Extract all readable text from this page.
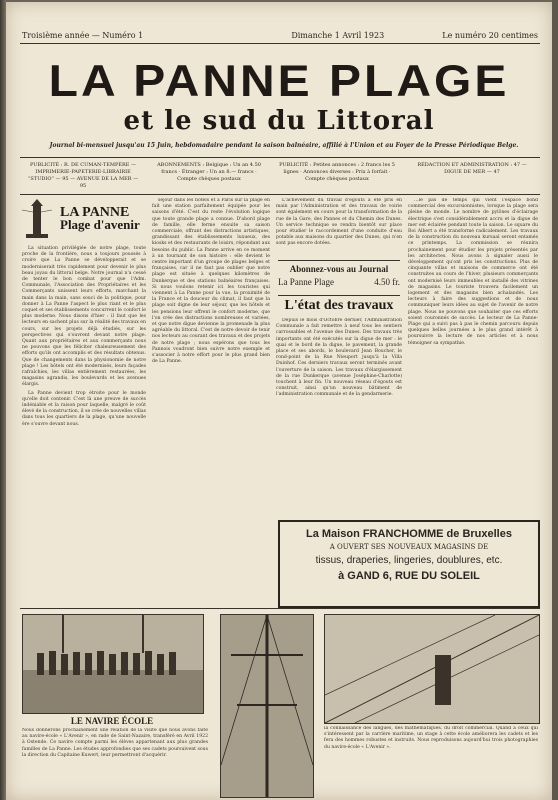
Troisième année — Numéro 1	Dimanche 1 Avril 1923	Le numéro 20 centimes
LA PANNE PLAGE
et le sud du Littoral
Journal bi-mensuel jusqu'au 15 Juin, hebdomadaire pendant la saison balnéaire, affilié à l'Union et au Foyer de la Presse Périodique Belge.
PUBLICITÉ : R. DE CUMAN-TEMPÈRE — IMPRIMERIE-PAPETERIE-LIBRAIRIE “STUDIO” — 95 — AVENUE DE LA MER — 95
ABONNEMENTS : Belgique : Un an 4.50 francs · Étranger : Un an 8.— francs · Compte chèques postaux
PUBLICITÉ : Petites annonces : 2 francs les 5 lignes · Annonces diverses : Prix à forfait · Compte chèques postaux
RÉDACTION ET ADMINISTRATION : 47 — DIGUE DE MER — 47
LA PANNE
Plage d'avenir

La situation privilégiée de notre plage, toute proche de la frontière, nous a toujours poussés à croire que La Panne se développerait et se moderniserait très rapidement pour devenir le plus beau joyau du littoral belge. Notre journal n'a cessé de tenter le bon combat pour que l'Adm. Communale, l'Association des Propriétaires et les Commerçants unissent leurs efforts, marchant la main dans la main, sans souci de la politique, pour donner à La Panne l'aspect le plus riant et le plus coquet et ses établissements concurrent le confort le plus moderne. Nous disons d'hier : il faut que les lecteurs en sachent plus sur la réalité des travaux en cours, sur les projets déjà étudiés, sur les perspectives qui s'ouvrent devant notre plage. Quant aux propriétaires et aux commerçants nous ne pouvons que les féliciter chaleureusement des efforts qu'ils ont accomplis et des résultats obtenus. Que de changements dans la physionomie de notre plage ! Les hôtels ont été modernisés, leurs façades rafraîchies, les villas entièrement restaurées, les magasins agrandis, les boulevards et les avenues élargis.

La Panne devient trop étroite pour le monde qu'elle doit contenir. C'est là une preuve de succès indéniable et la raison pour laquelle, malgré le coût élevé de la construction, il se crée de nouvelles villas dans tous les quartiers de la plage, qu'une nouvelle ère s'ouvre devant nous.

séjour dans les hôtels et à Paris sur la plage en fait une station parfaitement équipée pour les saisons d'été. C'est du reste l'évolution logique que toute grande plage a connue. D'abord plage de famille, elle ferme ensuite sa saison commerciale, offrant des distractions artistiques, grandissant des établissements luxueux, des kiosks et des restaurants de loisirs, répondant aux besoins du public. La Panne arrive en ce moment à un tournant de son histoire : elle devient le centre important d'un groupe de plages belges et françaises, car il ne faut pas oublier que notre plage est située à quelques kilomètres de Dunkerque et des stations balnéaires françaises. Si nous voulons retenir ici les touristes qui viennent à La Panne pour la vue, la proximité de la France et la douceur du climat, il faut que la plage soit digne de leur séjour, que les hôtels et les pensions leur offrent le confort moderne, que l'on crée des distractions nombreuses et variées, et que notre digue devienne la promenade la plus agréable du littoral. C'est de notre devoir de tenir nos lecteurs au courant des travaux et des projets de notre plage ; nous espérons que tous les Pannois voudront bien suivre notre exemple et s'associer à notre effort pour le plus grand bien de La Panne.

L'achèvement du travail d'égouts a été pris en main par l'Administration et des travaux de voirie sont également en cours pour la transformation de la rue de la Gare, des Pannes et du Chemin des Dunes. Un service technique se rendra bientôt sur place pour étudier le raccordement d'une conduite d'eau potable aux maisons du quartier des Dunes, qui n'en sont pas encore dotées.

Abonnez-vous au Journal
La Panne Plage	4.50 fr.
L'état des travaux

Depuis le mois d'Octobre dernier, l'Administration Communale a fait remettre à neuf tous les sentiers carrossables et l'avenue des Dunes. Des travaux très importants ont été exécutés sur la digue de mer : le quai et le bord de la digue, le pavement, la grande place et ses abords, le boulevard Jean Boucher, le rond-point de la Rue Nieuport jusqu'à la Villa Duinhof. Ces derniers travaux seront terminés avant l'ouverture de la saison. Les travaux d'élargissement de la rue Dunkerque (avenue Joséphine-Charlotte) touchent à leur fin. Un nouveau réseau d'égouts est construit, ainsi qu'un nouveau bâtiment de l'administration communale et de la gendarmerie.

…le pas de temps qui vient l'espace bond commercial des excursionnistes, lorsque la plage sera pleine de monde. Le nombre de pylônes d'éclairage électrique s'est considérablement accru et la digue de mer est éclairée pendant toute la saison. Le square du Roi Albert a été transformé radicalement. Les travaux de la construction du nouveau kursaal seront entamés ce printemps. La commission se réunira prochainement pour étudier les projets présentés par les architectes. Nous avons à signaler aussi le développement qu'ont pris les constructions. Plus de cinquante villas et maisons de commerce ont été construites au cours de l'hiver, plusieurs commerçants ont modernisé leurs immeubles et installé des vitrines de magasins. Le touriste trouvera facilement un logement et des magasins bien achalandés. Les lecteurs à faire des suggestions et de nous communiquer leurs idées au sujet de l'avenir de notre plage. Nous ne pouvons que souhaiter que ces efforts soient couronnés de succès. Le lecteur de La Panne-Plage qui a suivi pas à pas le chemin parcouru depuis quelques belles journées a le plus grand intérêt à poursuivre la lecture de nos articles et à nous témoigner sa sympathie.

La Maison FRANCHOMME de Bruxelles
A OUVERT SES NOUVEAUX MAGASINS DE
tissus, draperies, lingeries, doublures, etc.
à GAND 6, RUE DU SOLEIL
LE NAVIRE ÉCOLE
Nous donnerons prochainement une relation de la visite que nous avons faite au navire-école « L'Avenir », en rade de Saint-Nazaire, transféré en Avril 1922 à Ostende. Ce navire compte parmi les élèves appartenant aux plus grandes familles de La Panne. Les études approfondies que ses cadets poursuivent sous la direction du Capitaine Kuwert, leur permettront d'acquérir.
la connaissance des langues, des mathématiques, du droit commercial. Quand à ceux qui s'intéressent par la carrière maritime, un stage à cette école améliorera les cadets et les fera des hommes robustes et instruits. Nous reproduisons aujourd'hui trois photographies du navire-école « L'Avenir ».
